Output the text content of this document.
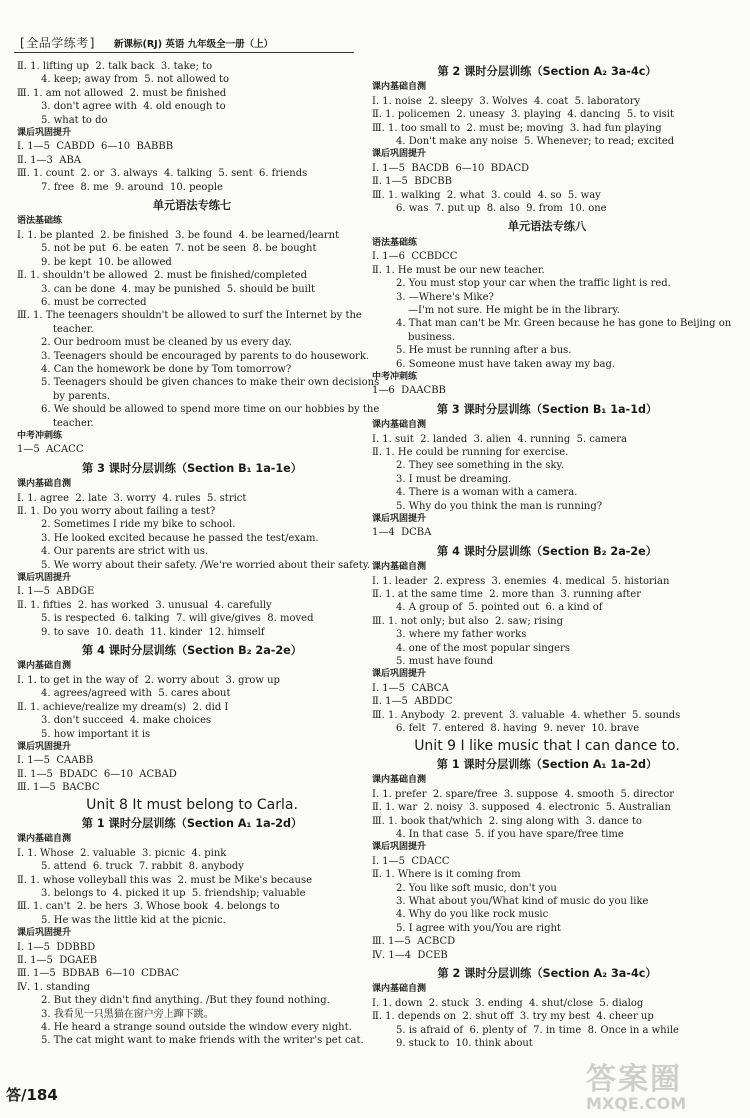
[ 全品学练考 ]	新课标(RJ) 英语 九年级全一册（上）
Ⅱ. 1. lifting up  2. talk back  3. take; to
4. keep; away from  5. not allowed to
Ⅲ. 1. am not allowed  2. must be finished
3. don't agree with  4. old enough to
5. what to do
课后巩固提升
Ⅰ. 1—5  CABDD  6—10  BABBB
Ⅱ. 1—3  ABA
Ⅲ. 1. count  2. or  3. always  4. talking  5. sent  6. friends
7. free  8. me  9. around  10. people
单元语法专练七
语法基础练
Ⅰ. 1. be planted  2. be finished  3. be found  4. be learned/learnt
5. not be put  6. be eaten  7. not be seen  8. be bought
9. be kept  10. be allowed
Ⅱ. 1. shouldn't be allowed  2. must be finished/completed
3. can be done  4. may be punished  5. should be built
6. must be corrected
Ⅲ. 1. The teenagers shouldn't be allowed to surf the Internet by the
teacher.
2. Our bedroom must be cleaned by us every day.
3. Teenagers should be encouraged by parents to do housework.
4. Can the homework be done by Tom tomorrow?
5. Teenagers should be given chances to make their own decisions
by parents.
6. We should be allowed to spend more time on our hobbies by the
teacher.
中考冲刺练
1—5  ACACC
第 3 课时分层训练（Section B₁ 1a-1e）
课内基础自测
Ⅰ. 1. agree  2. late  3. worry  4. rules  5. strict
Ⅱ. 1. Do you worry about failing a test?
2. Sometimes I ride my bike to school.
3. He looked excited because he passed the test/exam.
4. Our parents are strict with us.
5. We worry about their safety. /We're worried about their safety.
课后巩固提升
Ⅰ. 1—5  ABDGE
Ⅱ. 1. fifties  2. has worked  3. unusual  4. carefully
5. is respected  6. talking  7. will give/gives  8. moved
9. to save  10. death  11. kinder  12. himself
第 4 课时分层训练（Section B₂ 2a-2e）
课内基础自测
Ⅰ. 1. to get in the way of  2. worry about  3. grow up
4. agrees/agreed with  5. cares about
Ⅱ. 1. achieve/realize my dream(s)  2. did I
3. don't succeed  4. make choices
5. how important it is
课后巩固提升
Ⅰ. 1—5  CAABB
Ⅱ. 1—5  BDADC  6—10  ACBAD
Ⅲ. 1—5  BACBC
Unit 8 It must belong to Carla.
第 1 课时分层训练（Section A₁ 1a-2d）
课内基础自测
Ⅰ. 1. Whose  2. valuable  3. picnic  4. pink
5. attend  6. truck  7. rabbit  8. anybody
Ⅱ. 1. whose volleyball this was  2. must be Mike's because
3. belongs to  4. picked it up  5. friendship; valuable
Ⅲ. 1. can't  2. be hers  3. Whose book  4. belongs to
5. He was the little kid at the picnic.
课后巩固提升
Ⅰ. 1—5  DDBBD
Ⅱ. 1—5  DGAEB
Ⅲ. 1—5  BDBAB  6—10  CDBAC
Ⅳ. 1. standing
2. But they didn't find anything. /But they found nothing.
3. 我看见一只黑猫在窗户旁上蹿下跳。
4. He heard a strange sound outside the window every night.
5. The cat might want to make friends with the writer's pet cat.
第 2 课时分层训练（Section A₂ 3a-4c）
课内基础自测
Ⅰ. 1. noise  2. sleepy  3. Wolves  4. coat  5. laboratory
Ⅱ. 1. policemen  2. uneasy  3. playing  4. dancing  5. to visit
Ⅲ. 1. too small to  2. must be; moving  3. had fun playing
4. Don't make any noise  5. Whenever; to read; excited
课后巩固提升
Ⅰ. 1—5  BACDB  6—10  BDACD
Ⅱ. 1—5  BDCBB
Ⅲ. 1. walking  2. what  3. could  4. so  5. way
6. was  7. put up  8. also  9. from  10. one
单元语法专练八
语法基础练
Ⅰ. 1—6  CCBDCC
Ⅱ. 1. He must be our new teacher.
2. You must stop your car when the traffic light is red.
3. —Where's Mike?
—I'm not sure. He might be in the library.
4. That man can't be Mr. Green because he has gone to Beijing on
business.
5. He must be running after a bus.
6. Someone must have taken away my bag.
中考冲刺练
1—6  DAACBB
第 3 课时分层训练（Section B₁ 1a-1d）
课内基础自测
Ⅰ. 1. suit  2. landed  3. alien  4. running  5. camera
Ⅱ. 1. He could be running for exercise.
2. They see something in the sky.
3. I must be dreaming.
4. There is a woman with a camera.
5. Why do you think the man is running?
课后巩固提升
1—4  DCBA
第 4 课时分层训练（Section B₂ 2a-2e）
课内基础自测
Ⅰ. 1. leader  2. express  3. enemies  4. medical  5. historian
Ⅱ. 1. at the same time  2. more than  3. running after
4. A group of  5. pointed out  6. a kind of
Ⅲ. 1. not only; but also  2. saw; rising
3. where my father works
4. one of the most popular singers
5. must have found
课后巩固提升
Ⅰ. 1—5  CABCA
Ⅱ. 1—5  ABDDC
Ⅲ. 1. Anybody  2. prevent  3. valuable  4. whether  5. sounds
6. felt  7. entered  8. having  9. never  10. brave
Unit 9 I like music that I can dance to.
第 1 课时分层训练（Section A₁ 1a-2d）
课内基础自测
Ⅰ. 1. prefer  2. spare/free  3. suppose  4. smooth  5. director
Ⅱ. 1. war  2. noisy  3. supposed  4. electronic  5. Australian
Ⅲ. 1. book that/which  2. sing along with  3. dance to
4. In that case  5. if you have spare/free time
课后巩固提升
Ⅰ. 1—5  CDACC
Ⅱ. 1. Where is it coming from
2. You like soft music, don't you
3. What about you/What kind of music do you like
4. Why do you like rock music
5. I agree with you/You are right
Ⅲ. 1—5  ACBCD
Ⅳ. 1—4  DCEB
第 2 课时分层训练（Section A₂ 3a-4c）
课内基础自测
Ⅰ. 1. down  2. stuck  3. ending  4. shut/close  5. dialog
Ⅱ. 1. depends on  2. shut off  3. try my best  4. cheer up
5. is afraid of  6. plenty of  7. in time  8. Once in a while
9. stuck to  10. think about
答/184	答案圈
MXQE.COM
